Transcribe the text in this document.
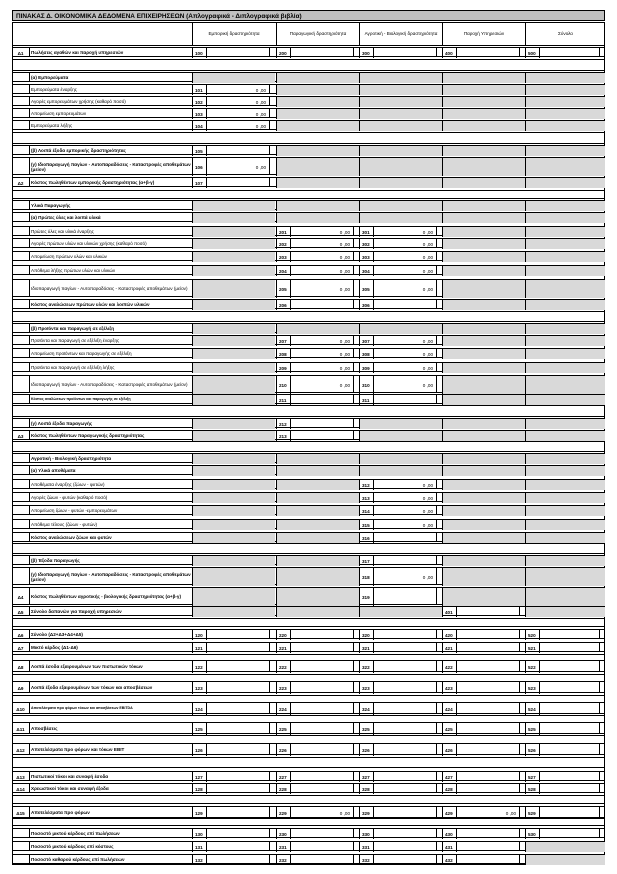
ΠΙΝΑΚΑΣ Δ. ΟΙΚΟΝΟΜΙΚΑ ΔΕΔΟΜΕΝΑ ΕΠΙΧΕΙΡΗΣΕΩΝ (Απλογραφικά - Διπλογραφικά βιβλία)
Εμπορική δραστηριότητα	Παραγωγική δραστηριότητα	Αγροτική - Βιολογική δραστηριότητα	Παροχή Υπηρεσιών	Σύνολο
Δ1	Πωλήσεις αγαθών και παροχή υπηρεσιών	100	200	300	400	500
(α) Εμπορεύματα
Εμπορεύματα έναρξης	101	0 ,00
Αγορές εμπορευμάτων χρήσης (καθαρό ποσό)	102	0 ,00
Απομείωση εμπορευμάτων	103	0 ,00
Εμπορεύματα λήξης	104	0 ,00
(β) Λοιπά έξοδα εμπορικής δραστηριότητας	105
(γ) Ιδιοπαραγωγή παγίων - Αυτοπαραδόσεις - Καταστροφές αποθεμάτων (μείον)	106	0 ,00
Δ2	Κόστος πωληθέντων εμπορικής δραστηριότητας (α+β-γ)	107
Υλικά Παραγωγής
(α) Πρώτες ύλες και λοιπά υλικά
Πρώτες ύλες και υλικά έναρξης	201	0 ,00	301	0 ,00
Αγορές πρώτων υλών και υλικών χρήσης (καθαρό ποσό)	202	0 ,00	302	0 ,00
Απομείωση πρώτων υλών και υλικών	203	0 ,00	303	0 ,00
Απόθεμα λήξης πρώτων υλών και υλικών	204	0 ,00	304	0 ,00
Ιδιοπαραγωγή παγίων - Αυτοπαραδόσεις - Καταστροφές αποθεμάτων (μείον)	205	0 ,00	305	0 ,00
Κόστος αναλώσεων πρώτων υλών και λοιπών υλικών	206	306
(β) Προϊόντα και παραγωγή σε εξέλιξη
Προϊόντα και παραγωγή σε εξέλιξη έναρξης	207	0 ,00	307	0 ,00
Απομείωση προϊόντων και παραγωγής σε εξέλιξη	208	0 ,00	308	0 ,00
Προϊόντα και παραγωγή σε εξέλιξη λήξης	209	0 ,00	309	0 ,00
Ιδιοπαραγωγή παγίων - Αυτοπαραδόσεις - Καταστροφές αποθεμάτων (μείον)	210	0 ,00	310	0 ,00
Κόστος αναλώσεων προϊόντων και παραγωγής σε εξέλιξη	211	311
(γ) Λοιπά έξοδα παραγωγής	212
Δ3	Κόστος πωληθέντων παραγωγικής δραστηριότητας	213
Αγροτική - Βιολογική δραστηριότητα
(α) Υλικά αποθέματα
Αποθέματα έναρξης (ζώων - φυτών)	312	0 ,00
Αγορές ζώων - φυτών (καθαρό ποσό)	313	0 ,00
Απομείωση ζώων - φυτών -εμπορευμάτων	314	0 ,00
Απόθεμα τέλους (ζώων - φυτών)	315	0 ,00
Κόστος αναλώσεων ζώων και φυτών	316
(β) Έξοδα παραγωγής	317
(γ) Ιδιοπαραγωγή παγίων - Αυτοπαραδόσεις - Καταστροφές αποθεμάτων (μείον)	318	0 ,00
Δ4	Κόστος πωληθέντων αγροτικής - βιολογικής δραστηριότητας (α+β-γ)	319
Δ5	Σύνολο δαπανών για παροχή υπηρεσιών	401
Δ6	Σύνολο (Δ2+Δ3+Δ4+Δ5)	120	220	320	420	520
Δ7	Μικτό κέρδος (Δ1-Δ6)	121	221	321	421	521
Δ8	Λοιπά έσοδα εξαιρουμένων των πιστωτικών τόκων	122	222	322	422	522
Δ9	Λοιπά έξοδα εξαιρουμένων των τόκων και αποσβέσεων	123	223	323	423	523
Δ10	Αποτελέσματα προ φόρων τόκων και αποσβέσεων EBITDA	124	224	324	424	524
Δ11	Αποσβέσεις	125	225	325	425	525
Δ12	Αποτελέσματα προ φόρων και τόκων EBIT	126	226	326	426	526
Δ13	Πιστωτικοί τόκοι και συναφή έσοδα	127	227	327	427	527
Δ14	Χρεωστικοί τόκοι και συναφή έξοδα	128	228	328	428	528
Δ15	Αποτελέσματα προ φόρων	129	229	0 ,00	329	429	0 ,00	529
Ποσοστό μικτού κέρδους επί πωλήσεων	130	230	330	430	530
Ποσοστό μικτού κέρδους επί κόστους	131	231	331	431
Ποσοστό καθαρού κέρδους επί πωλήσεων	132	232	332	432
